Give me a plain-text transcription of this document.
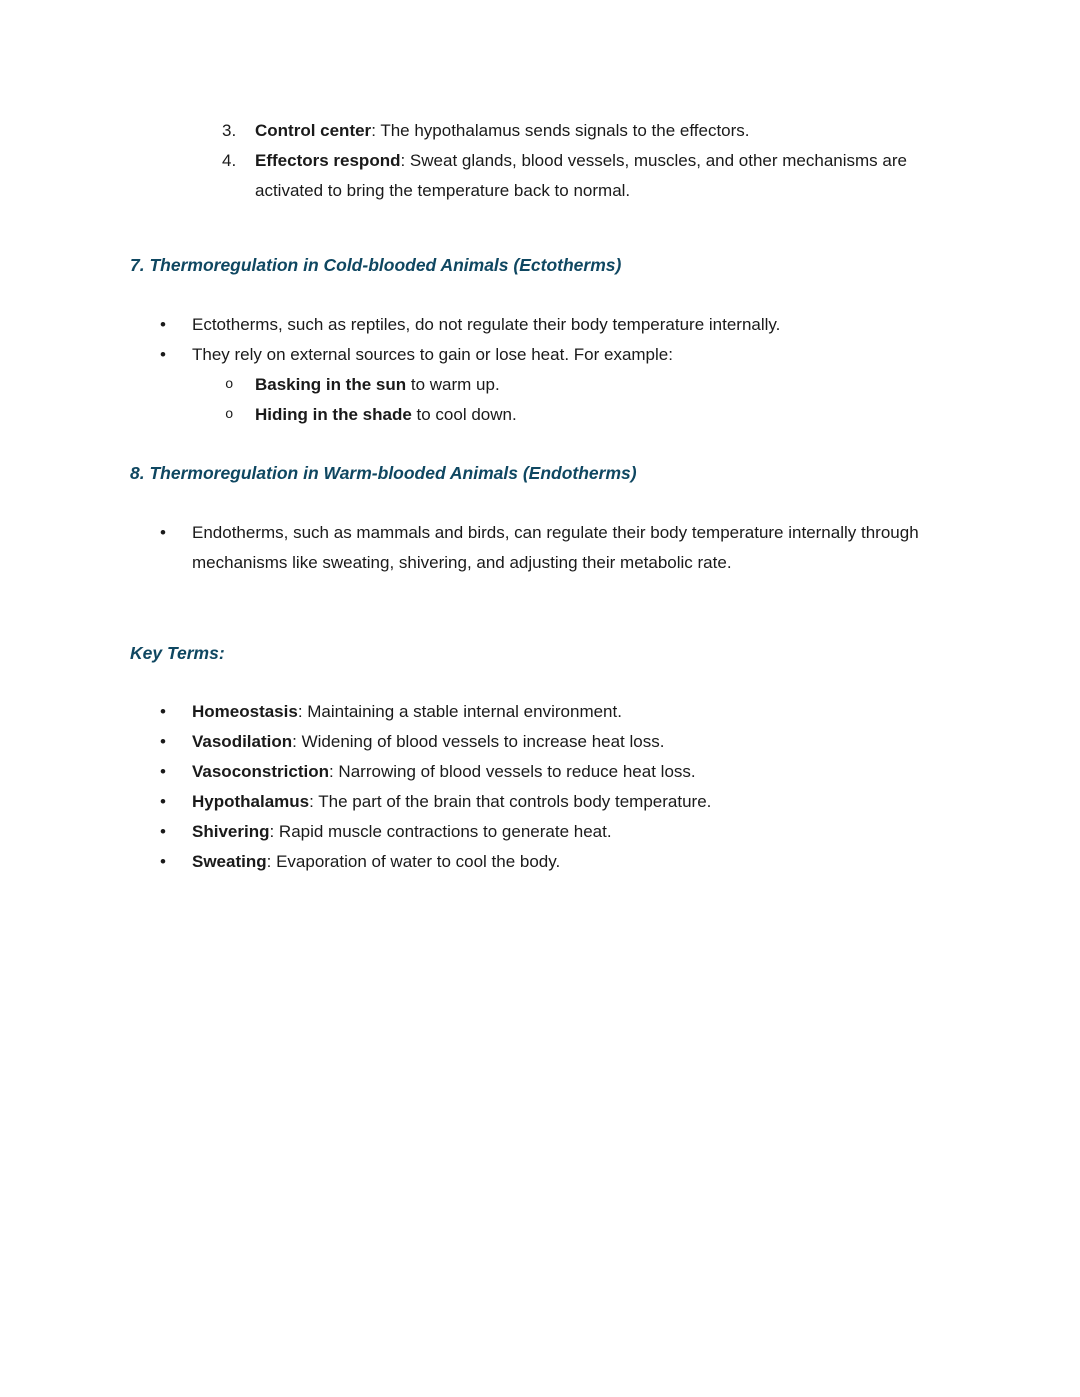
3.	Control center: The hypothalamus sends signals to the effectors.
4.	Effectors respond: Sweat glands, blood vessels, muscles, and other mechanisms are activated to bring the temperature back to normal.
7. Thermoregulation in Cold-blooded Animals (Ectotherms)
•	Ectotherms, such as reptiles, do not regulate their body temperature internally.
•	They rely on external sources to gain or lose heat. For example:
o	Basking in the sun to warm up.
o	Hiding in the shade to cool down.
8. Thermoregulation in Warm-blooded Animals (Endotherms)
•	Endotherms, such as mammals and birds, can regulate their body temperature internally through mechanisms like sweating, shivering, and adjusting their metabolic rate.
Key Terms:
•	Homeostasis: Maintaining a stable internal environment.
•	Vasodilation: Widening of blood vessels to increase heat loss.
•	Vasoconstriction: Narrowing of blood vessels to reduce heat loss.
•	Hypothalamus: The part of the brain that controls body temperature.
•	Shivering: Rapid muscle contractions to generate heat.
•	Sweating: Evaporation of water to cool the body.
